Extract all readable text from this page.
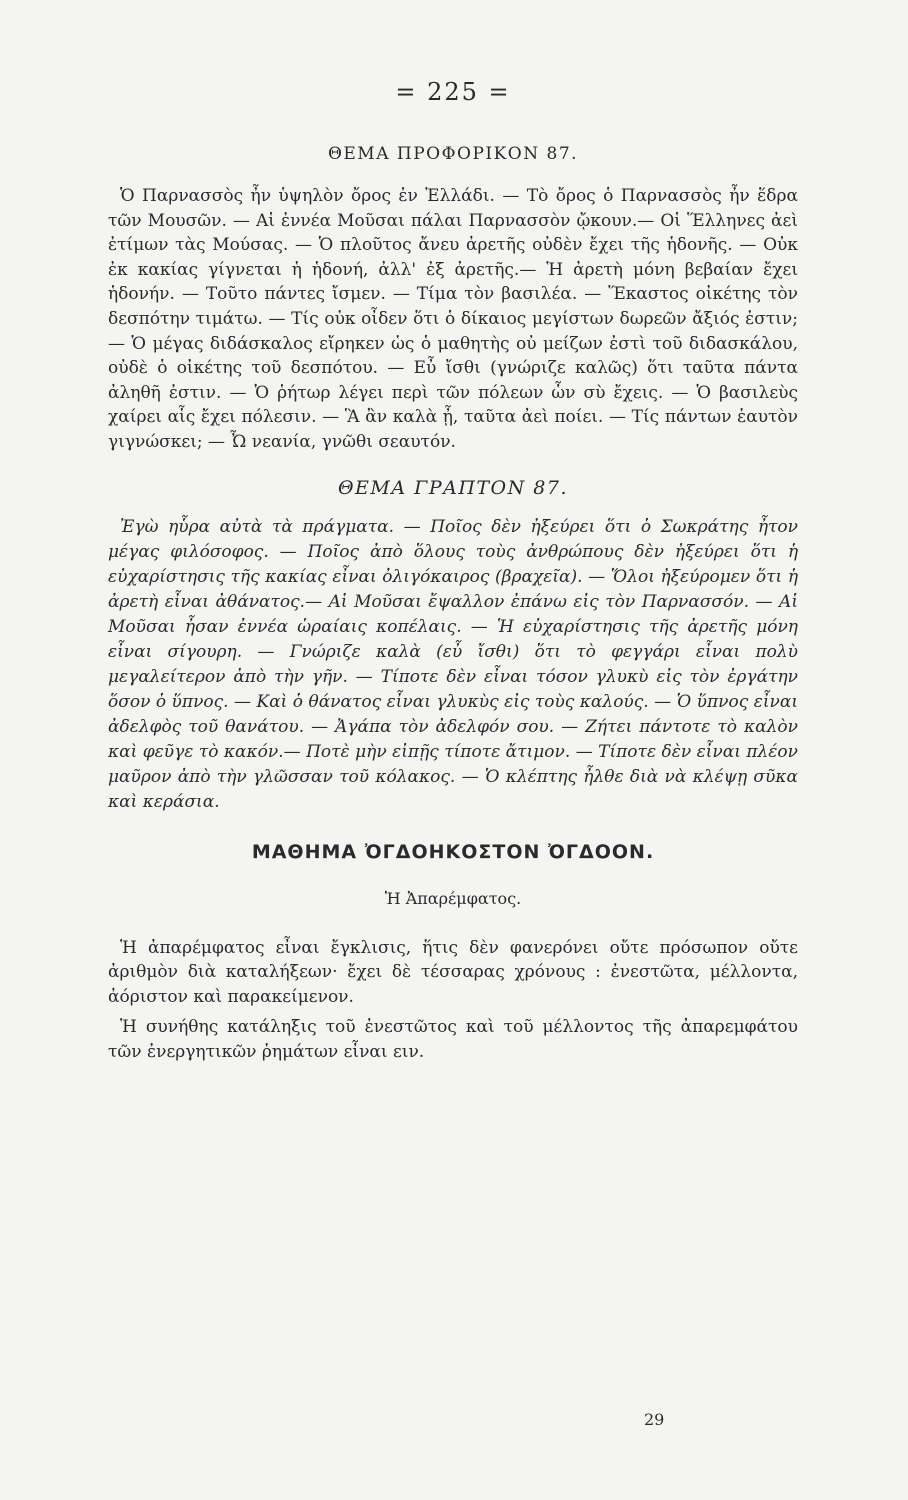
= 225 =
ΘΕΜΑ ΠΡΟΦΟΡΙΚΟΝ 87.

Ὁ Παρνασσὸς ἦν ὑψηλὸν ὄρος ἐν Ἑλλάδι. — Τὸ ὄρος ὁ Παρνασσὸς ἦν ἕδρα τῶν Μουσῶν. — Αἱ ἐννέα Μοῦσαι πάλαι Παρνασσὸν ᾤκουν.— Οἱ Ἕλληνες ἀεὶ ἐτίμων τὰς Μούσας. — Ὁ πλοῦτος ἄνευ ἀρετῆς οὐδὲν ἔχει τῆς ἡδονῆς. — Οὐκ ἐκ κακίας γίγνεται ἡ ἡδονή, ἀλλ' ἐξ ἀρετῆς.— Ἡ ἀρετὴ μόνη βεβαίαν ἔχει ἡδονήν. — Τοῦτο πάντες ἴσμεν. — Τίμα τὸν βασιλέα. — Ἕκαστος οἰκέτης τὸν δεσπότην τιμάτω. — Τίς οὐκ οἶδεν ὅτι ὁ δίκαιος μεγίστων δωρεῶν ἄξιός ἐστιν; — Ὁ μέγας διδάσκαλος εἴρηκεν ὡς ὁ μαθητὴς οὐ μείζων ἐστὶ τοῦ διδασκάλου, οὐδὲ ὁ οἰκέτης τοῦ δεσπότου. — Εὖ ἴσθι (γνώριζε καλῶς) ὅτι ταῦτα πάντα ἀληθῆ ἐστιν. — Ὁ ῥήτωρ λέγει περὶ τῶν πόλεων ὧν σὺ ἔχεις. — Ὁ βασιλεὺς χαίρει αἷς ἔχει πόλεσιν. — Ἃ ἂν καλὰ ᾖ, ταῦτα ἀεὶ ποίει. — Τίς πάντων ἑαυτὸν γιγνώσκει; — Ὦ νεανία, γνῶθι σεαυτόν.

ΘΕΜΑ ΓΡΑΠΤΟΝ 87.

Ἐγὼ ηὗρα αὐτὰ τὰ πράγματα. — Ποῖος δὲν ἠξεύρει ὅτι ὁ Σωκράτης ἦτον μέγας φιλόσοφος. — Ποῖος ἀπὸ ὅλους τοὺς ἀνθρώπους δὲν ἠξεύρει ὅτι ἡ εὐχαρίστησις τῆς κακίας εἶναι ὀλιγόκαιρος (βραχεῖα). — Ὅλοι ἠξεύρομεν ὅτι ἡ ἀρετὴ εἶναι ἀθάνατος.— Αἱ Μοῦσαι ἔψαλλον ἐπάνω εἰς τὸν Παρνασσόν. — Αἱ Μοῦσαι ἦσαν ἐννέα ὡραίαις κοπέλαις. — Ἡ εὐχαρίστησις τῆς ἀρετῆς μόνη εἶναι σίγουρη. — Γνώριζε καλὰ (εὖ ἴσθι) ὅτι τὸ φεγγάρι εἶναι πολὺ μεγαλείτερον ἀπὸ τὴν γῆν. — Τίποτε δὲν εἶναι τόσον γλυκὺ εἰς τὸν ἐργάτην ὅσον ὁ ὕπνος. — Καὶ ὁ θάνατος εἶναι γλυκὺς εἰς τοὺς καλούς. — Ὁ ὕπνος εἶναι ἀδελφὸς τοῦ θανάτου. — Ἀγάπα τὸν ἀδελφόν σου. — Ζήτει πάντοτε τὸ καλὸν καὶ φεῦγε τὸ κακόν.— Ποτὲ μὴν εἰπῇς τίποτε ἄτιμον. — Τίποτε δὲν εἶναι πλέον μαῦρον ἀπὸ τὴν γλῶσσαν τοῦ κόλακος. — Ὁ κλέπτης ἦλθε διὰ νὰ κλέψῃ σῦκα καὶ κεράσια.

ΜΑΘΗΜΑ ὈΓΔΟΗΚΟΣΤΟΝ ὈΓΔΟΟΝ.
Ἡ Ἀπαρέμφατος.

Ἡ ἀπαρέμφατος εἶναι ἔγκλισις, ἥτις δὲν φανερόνει οὔτε πρόσωπον οὔτε ἀριθμὸν διὰ καταλήξεων· ἔχει δὲ τέσσαρας χρόνους : ἐνεστῶτα, μέλλοντα, ἀόριστον καὶ παρακείμενον.

Ἡ συνήθης κατάληξις τοῦ ἐνεστῶτος καὶ τοῦ μέλλοντος τῆς ἀπαρεμφάτου τῶν ἐνεργητικῶν ῥημάτων εἶναι ειν.

29
